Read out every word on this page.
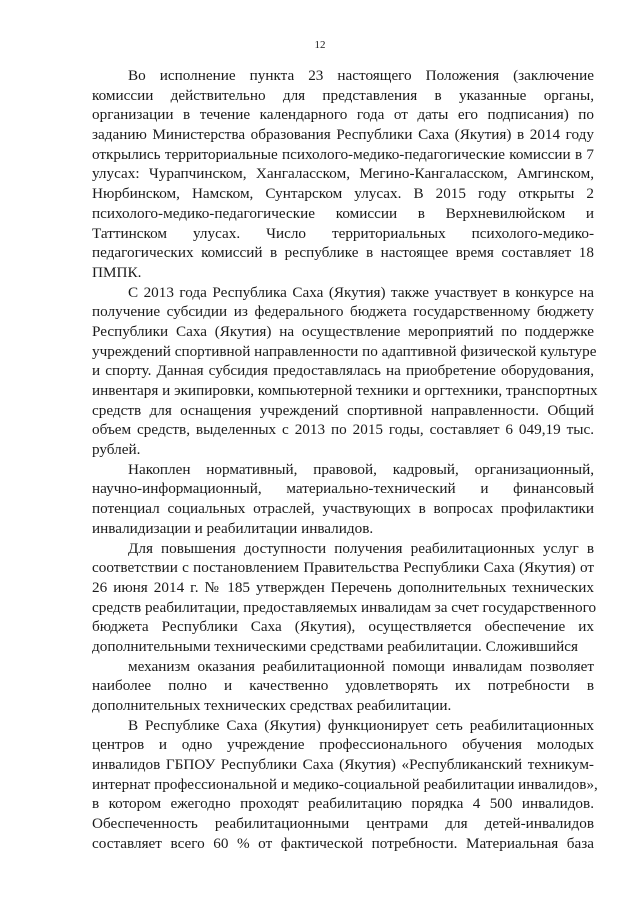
12
Во исполнение пункта 23 настоящего Положения (заключение
комиссии действительно для представления в указанные органы,
организации в течение календарного года от даты его подписания) по
заданию Министерства образования Республики Саха (Якутия) в 2014 году
открылись территориальные психолого-медико-педагогические комиссии в 7
улусах: Чурапчинском, Хангаласском, Мегино-Кангаласском, Амгинском,
Нюрбинском, Намском, Сунтарском улусах. В 2015 году открыты 2
психолого-медико-педагогические комиссии в Верхневилюйском и
Таттинском улусах. Число территориальных психолого-медико-
педагогических комиссий в республике в настоящее время составляет 18
ПМПК.
С 2013 года Республика Саха (Якутия) также участвует в конкурсе на
получение субсидии из федерального бюджета государственному бюджету
Республики Саха (Якутия) на осуществление мероприятий по поддержке
учреждений спортивной направленности по адаптивной физической культуре
и спорту. Данная субсидия предоставлялась на приобретение оборудования,
инвентаря и экипировки, компьютерной техники и оргтехники, транспортных
средств для оснащения учреждений спортивной направленности. Общий
объем средств, выделенных с 2013 по 2015 годы, составляет 6 049,19 тыс.
рублей.
Накоплен нормативный, правовой, кадровый, организационный,
научно-информационный, материально-технический и финансовый
потенциал социальных отраслей, участвующих в вопросах профилактики
инвалидизации и реабилитации инвалидов.
Для повышения доступности получения реабилитационных услуг в
соответствии с постановлением Правительства Республики Саха (Якутия) от
26 июня 2014 г. № 185 утвержден Перечень дополнительных технических
средств реабилитации, предоставляемых инвалидам за счет государственного
бюджета Республики Саха (Якутия), осуществляется обеспечение их
дополнительными техническими средствами реабилитации. Сложившийся
механизм оказания реабилитационной помощи инвалидам позволяет
наиболее полно и качественно удовлетворять их потребности в
дополнительных технических средствах реабилитации.
В Республике Саха (Якутия) функционирует сеть реабилитационных
центров и одно учреждение профессионального обучения молодых
инвалидов ГБПОУ Республики Саха (Якутия) «Республиканский техникум-
интернат профессиональной и медико-социальной реабилитации инвалидов»,
в котором ежегодно проходят реабилитацию порядка 4 500 инвалидов.
Обеспеченность реабилитационными центрами для детей-инвалидов
составляет всего 60 % от фактической потребности. Материальная база
